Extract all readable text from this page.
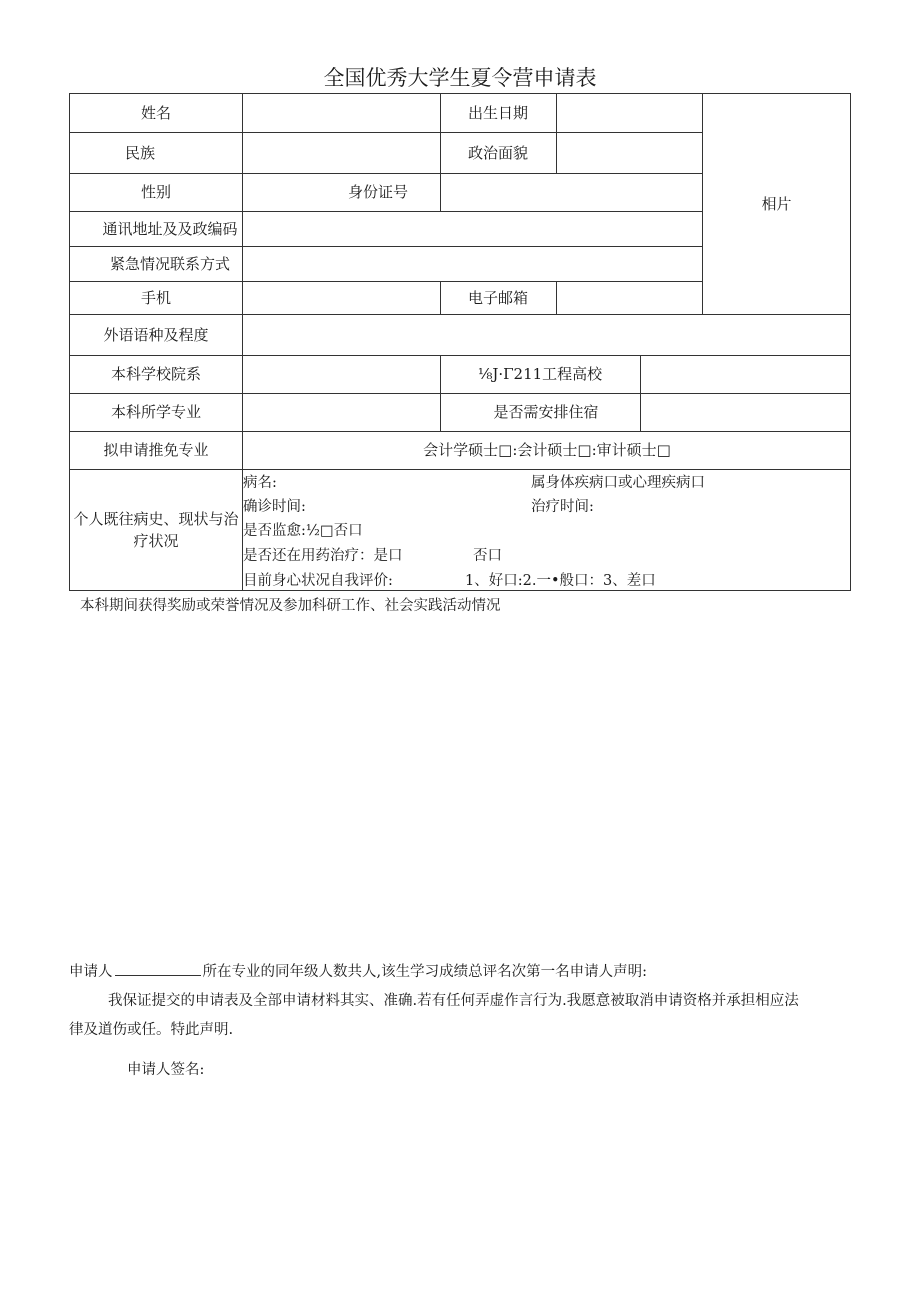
全国优秀大学生夏令营申请表
姓名	出生日期
相片
民族	政治面貌
性别	身份证号
通讯地址及及政编码
紧急情况联系方式
手机	电子邮箱
外语语种及程度
本科学校院系	⅛J·Γ211工程高校
本科所学专业	是否需安排住宿
拟申请推免专业	会计学硕士□:会计硕士□:审计硕士□
个人既往病史、现状与治疗状况
病名:	属身体疾病口或心理疾病口
确诊时间:	治疗时间:
是否监愈:½□否口
是否还在用药治疗：是口	否口
目前身心状况自我评价:	1、好口:2.一•般口：3、差口
本科期间获得奖励或荣誉情况及参加科研工作、社会实践活动情况
申请人	所在专业的同年级人数共人,该生学习成绩总评名次第一名申请人声明:
我保证提交的申请表及全部申请材料其实、准确.若有任何弄虚作言行为.我愿意被取消申请资格并承担相应法
律及道伤或任。特此声明.
申请人签名:
